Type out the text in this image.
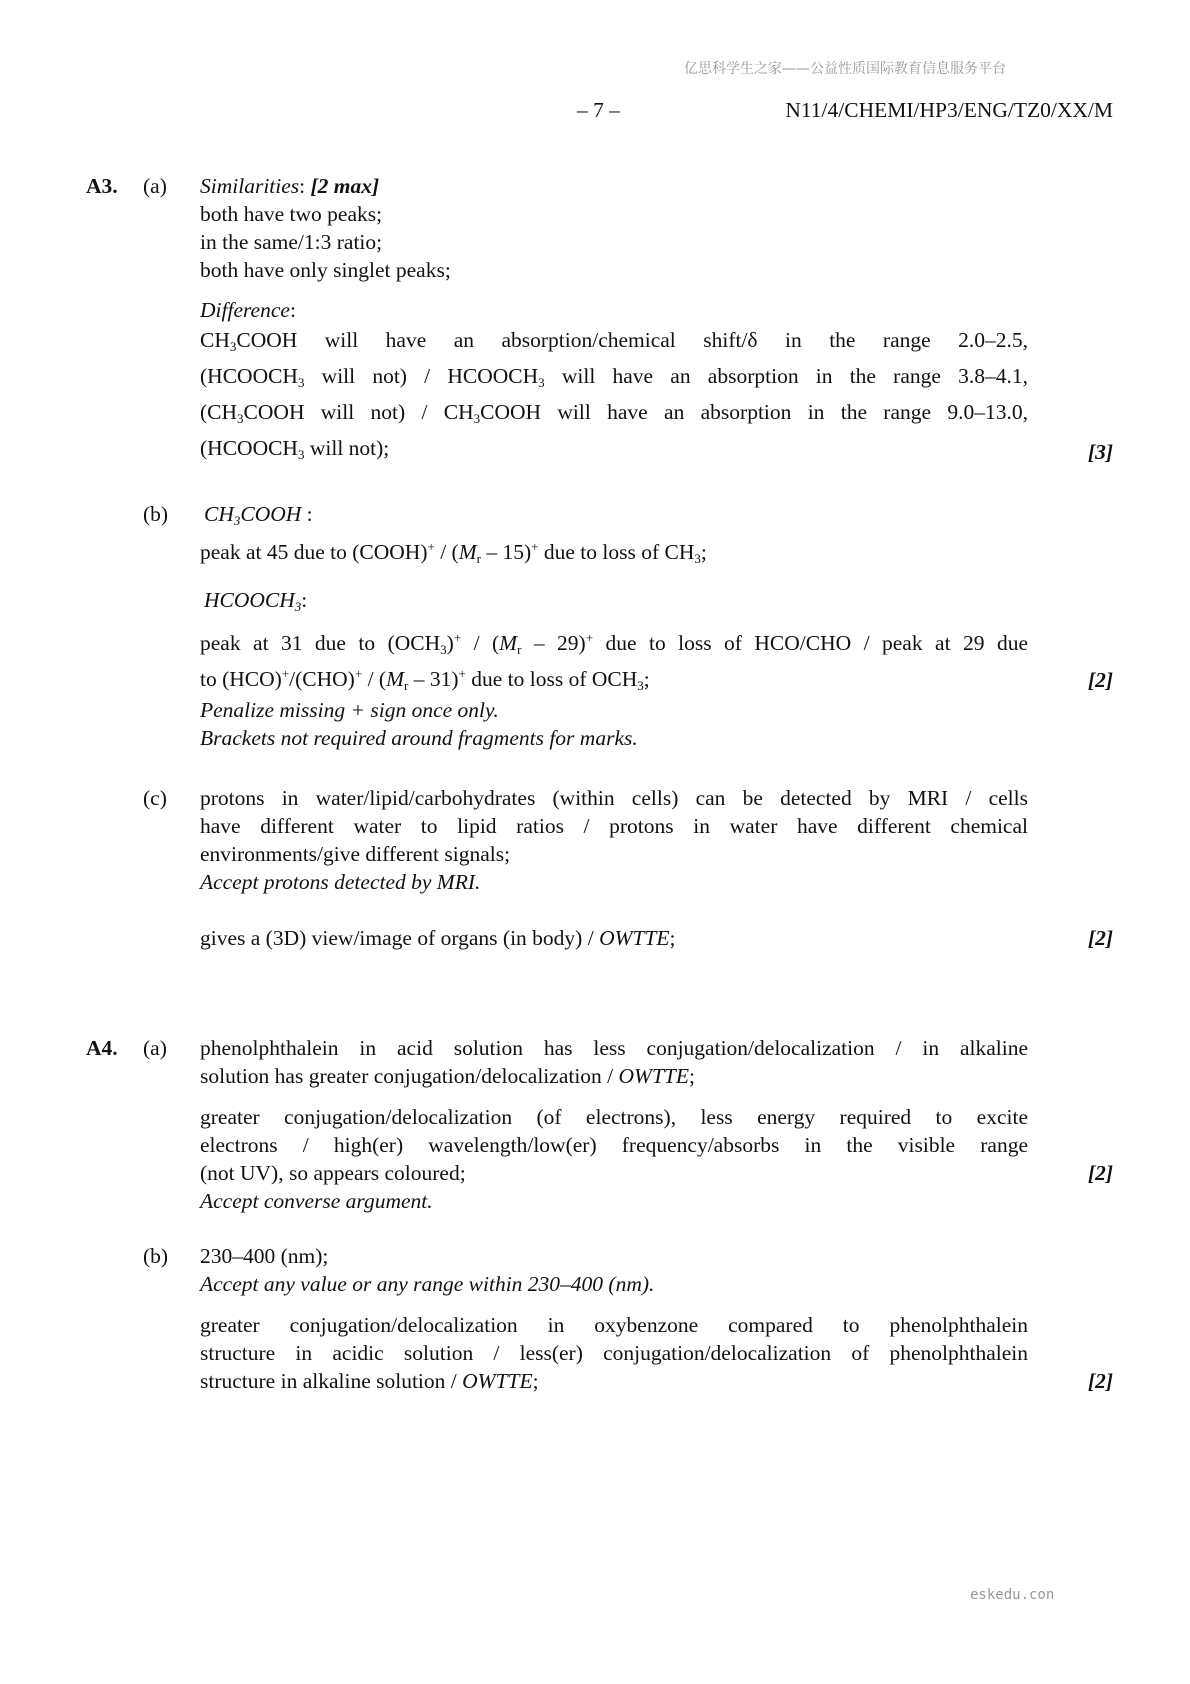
亿思科学生之家——公益性质国际教育信息服务平台
– 7 –	N11/4/CHEMI/HP3/ENG/TZ0/XX/M
A3. (a) Similarities: [2 max]
both have two peaks;
in the same/1:3 ratio;
both have only singlet peaks;
Difference:
$CH_3COOH$ will have an absorption/chemical shift/δ in the range 2.0–2.5,
($HCOOCH_3$ will $not) / HCOOCH_3$ will have an absorption in the range 3.8–4.1,
($CH_3COOH$ will $not) / CH_3COOH$ will have an absorption in the range 9.0–13.0,
($HCOOCH_3$ will not);	[3]
(b) $CH_3COOH$ :
peak at 45 due to (COOH)+ / $(M_r - 15)^+$ due to loss of $CH_3$;
$HCOOCH_3$:
peak at 31 due to $(OCH_3)^+ / (M_r - 29)^+$ due to loss of HCO/CHO / peak at 29 due
to $(HCO)^+/(CHO)^+ / (M_r - 31)^+$ due to loss of $OCH_3$;
Penalize missing + sign once only.
Brackets not required around fragments for marks.
[2]
(c) protons in water/lipid/carbohydrates (within cells) can be detected by MRI / cells
have different water to lipid ratios / protons in water have different chemical
environments/give different signals;
Accept protons detected by MRI.
gives a (3D) view/image of organs (in body) / OWTTE;	[2]
A4. (a) phenolphthalein in acid solution has less conjugation/delocalization / in alkaline
solution has greater conjugation/delocalization / OWTTE;
greater conjugation/delocalization (of electrons), less energy required to excite
electrons / high(er) wavelength/low(er) frequency/absorbs in the visible range
(not UV), so appears coloured;
Accept converse argument.
[2]
(b) 230–400 (nm);
Accept any value or any range within 230–400 (nm).
greater conjugation/delocalization in oxybenzone compared to phenolphthalein
structure in acidic solution / less(er) conjugation/delocalization of phenolphthalein
structure in alkaline solution / OWTTE;	[2]
eskedu.con
